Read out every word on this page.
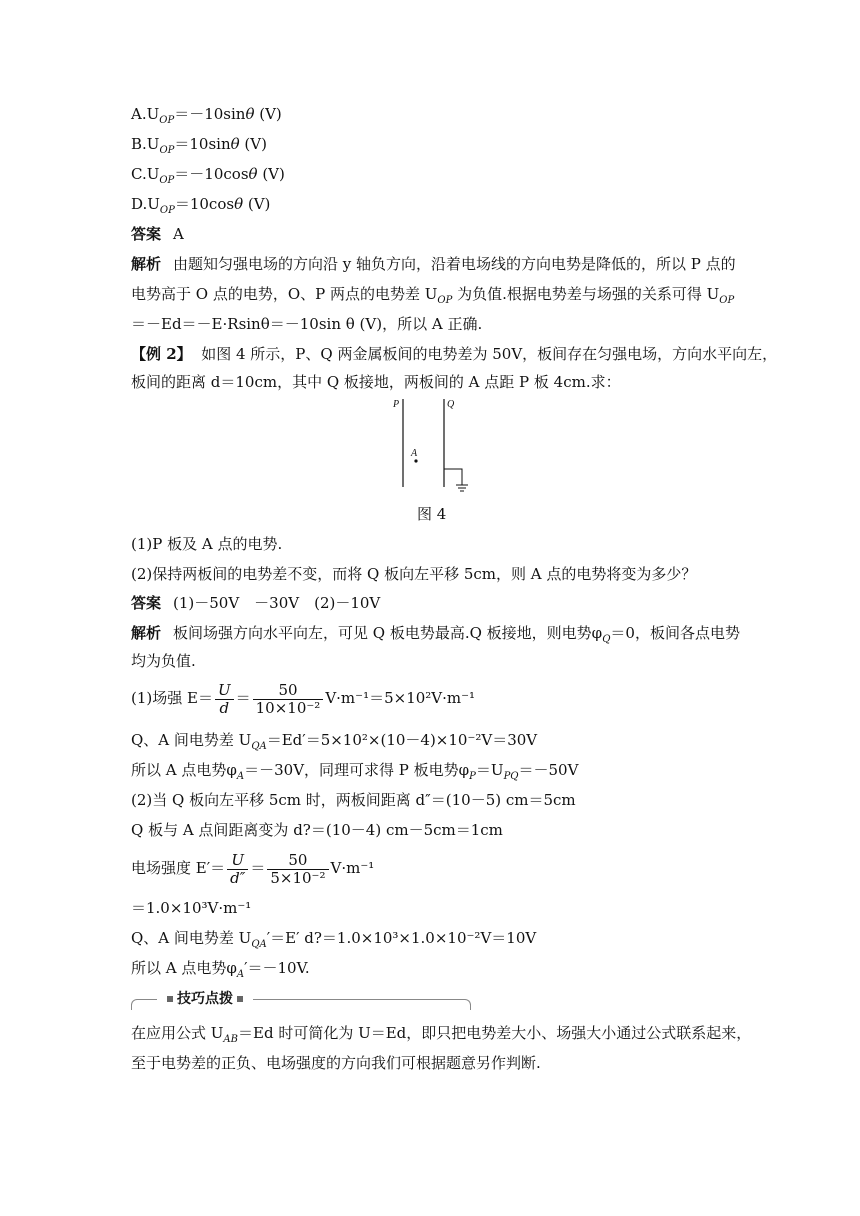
$A.U_{OP}=-10\sin\theta$ (V)
$B.U_{OP}=10\sin\theta$ (V)
$C.U_{OP}=-10\cos\theta$ (V)
$D.U_{OP}=10\cos\theta$ (V)
答案 A
解析 由题知匀强电场的方向沿 y 轴负方向，沿着电场线的方向电势是降低的，所以 P 点的
电势高于 O 点的电势，O、P 两点的电势差 $U_{OP}$ 为负值.根据电势差与场强的关系可得 $U_{OP}$
＝－Ed＝－E·Rsinθ＝－10sin θ (V)，所以 A 正确.
【例 2】 如图 4 所示，P、Q 两金属板间的电势差为 50V，板间存在匀强电场，方向水平向左，
板间的距离 d＝10cm，其中 Q 板接地，两板间的 A 点距 P 板 4cm.求：
P	Q
A
图 4
(1)P 板及 A 点的电势.
(2)保持两板间的电势差不变，而将 Q 板向左平移 5cm，则 A 点的电势将变为多少？
答案 (1)－50V　－30V　(2)－10V
解析 板间场强方向水平向左，可见 Q 板电势最高.Q 板接地，则电势$\varphi_Q=0$，板间各点电势
均为负值.
(1)场强 $E= \frac{U}{d} = \frac{50}{\text{10×10⁻²}} V\cdot m^{-1}=5\times 10^2V\cdot m^{-1}$
Q、A 间电势差 $U_{QA}=Ed'=5\times 10^2\times(10-4)\times 10^{-2}V=30V$
所以 A 点电势$\varphi_A=-30V$，同理可求得 P 板电势$\varphi_P=U_{PQ}=-50V$
(2)当 Q 板向左平移 5cm 时，两板间距离 d″＝(10－5) cm＝5cm
Q 板与 A 点间距离变为 d?＝(10－4) cm－5cm＝1cm
电场强度 $E'= \frac{U}{d''} = \frac{50}{\text{5×10⁻²}} V\cdot m^{-1}$
＝1.0×10³V·m⁻¹
Q、A 间电势差 $U_{QA}'=E'$ d?＝1.0×10³×1.0×10⁻²V＝10V
所以 A 点电势$\varphi_A'=-10V$.
技巧点拨
在应用公式 $U_{AB}=Ed$ 时可简化为 U＝Ed，即只把电势差大小、场强大小通过公式联系起来，
至于电势差的正负、电场强度的方向我们可根据题意另作判断.
